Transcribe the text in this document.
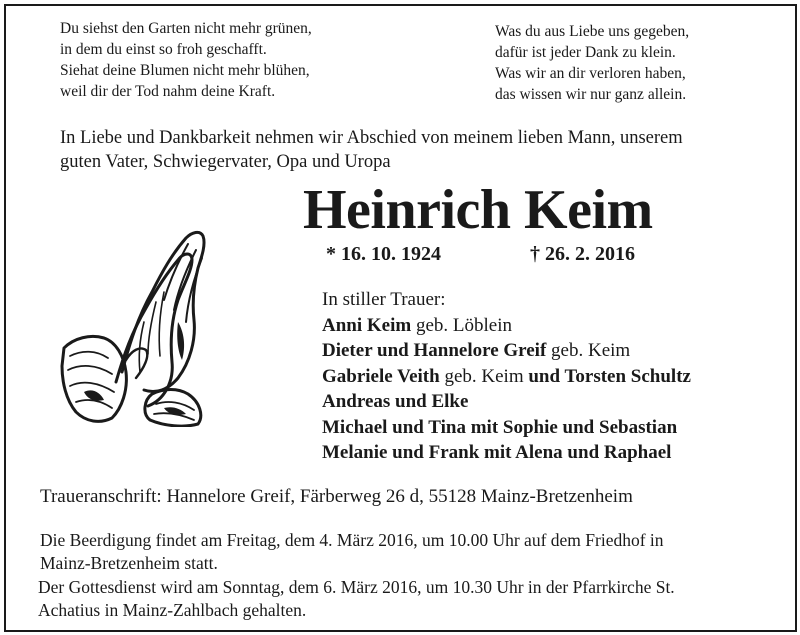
Du siehst den Garten nicht mehr grünen,
in dem du einst so froh geschafft.
Siehat deine Blumen nicht mehr blühen,
weil dir der Tod nahm deine Kraft.
Was du aus Liebe uns gegeben,
dafür ist jeder Dank zu klein.
Was wir an dir verloren haben,
das wissen wir nur ganz allein.
In Liebe und Dankbarkeit nehmen wir Abschied von meinem lieben Mann, unserem
guten Vater, Schwiegervater, Opa und Uropa
Heinrich Keim
* 16. 10. 1924	† 26. 2. 2016
In stiller Trauer:
Anni Keim geb. Löblein
Dieter und Hannelore Greif geb. Keim
Gabriele Veith geb. Keim und Torsten Schultz
Andreas und Elke
Michael und Tina mit Sophie und Sebastian
Melanie und Frank mit Alena und Raphael
Traueranschrift: Hannelore Greif, Färberweg 26 d, 55128 Mainz-Bretzenheim
Die Beerdigung findet am Freitag, dem 4. März 2016, um 10.00 Uhr auf dem Friedhof in
Mainz-Bretzenheim statt.
Der Gottesdienst wird am Sonntag, dem 6. März 2016, um 10.30 Uhr in der Pfarrkirche St.
Achatius in Mainz-Zahlbach gehalten.
